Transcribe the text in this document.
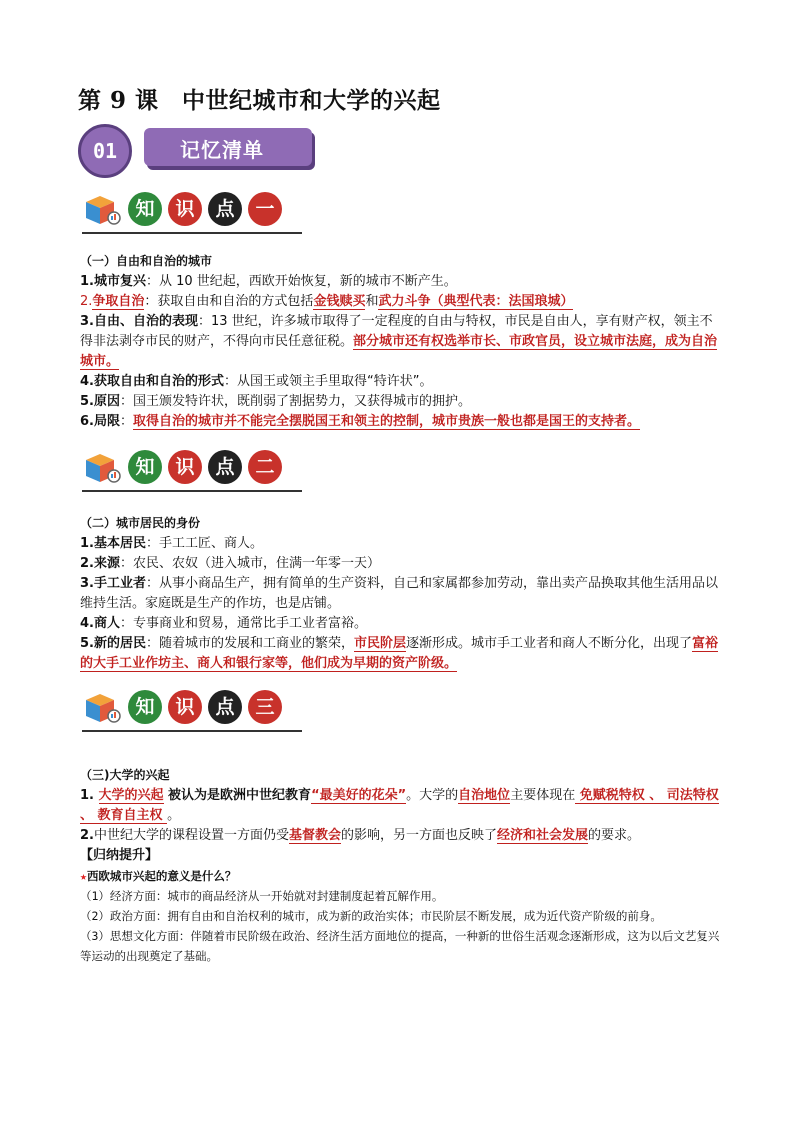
第 9 课　中世纪城市和大学的兴起
记忆清单
01
知	识	点	一
（一）自由和自治的城市
1.城市复兴：从 10 世纪起，西欧开始恢复，新的城市不断产生。
2.争取自治：获取自由和自治的方式包括金钱赎买和武力斗争（典型代表：法国琅城）
3.自由、自治的表现：13 世纪，许多城市取得了一定程度的自由与特权，市民是自由人，享有财产权，领主不得非法剥夺市民的财产，不得向市民任意征税。部分城市还有权选举市长、市政官员，设立城市法庭，成为自治城市。
4.获取自由和自治的形式：从国王或领主手里取得“特许状”。
5.原因：国王颁发特许状，既削弱了割据势力，又获得城市的拥护。
6.局限：取得自治的城市并不能完全摆脱国王和领主的控制，城市贵族一般也都是国王的支持者。
知	识	点	二
（二）城市居民的身份
1.基本居民：手工工匠、商人。
2.来源：农民、农奴（进入城市，住满一年零一天）
3.手工业者：从事小商品生产，拥有简单的生产资料，自己和家属都参加劳动，靠出卖产品换取其他生活用品以维持生活。家庭既是生产的作坊，也是店铺。
4.商人：专事商业和贸易，通常比手工业者富裕。
5.新的居民：随着城市的发展和工商业的繁荣，市民阶层逐渐形成。城市手工业者和商人不断分化，出现了富裕的大手工业作坊主、商人和银行家等，他们成为早期的资产阶级。
知	识	点	三
（三)大学的兴起
1. 大学的兴起 被认为是欧洲中世纪教育“最美好的花朵”。大学的自治地位主要体现在 免赋税特权 、 司法特权 、 教育自主权 。
2.中世纪大学的课程设置一方面仍受基督教会的影响，另一方面也反映了经济和社会发展的要求。
【归纳提升】
★西欧城市兴起的意义是什么？
（1）经济方面：城市的商品经济从一开始就对封建制度起着瓦解作用。
（2）政治方面：拥有自由和自治权利的城市，成为新的政治实体；市民阶层不断发展，成为近代资产阶级的前身。
（3）思想文化方面：伴随着市民阶级在政治、经济生活方面地位的提高，一种新的世俗生活观念逐渐形成，这为以后文艺复兴等运动的出现奠定了基础。
